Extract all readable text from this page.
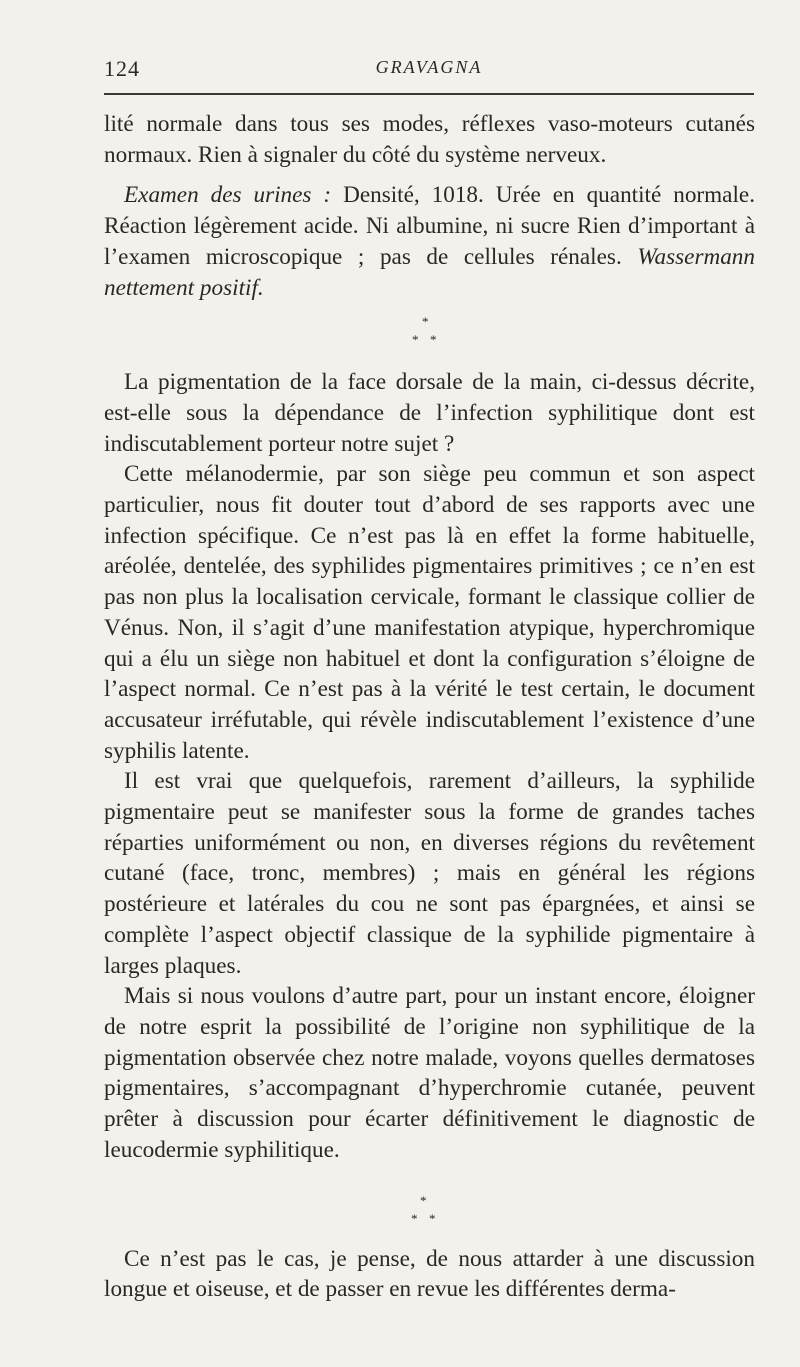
124	GRAVAGNA

lité normale dans tous ses modes, réflexes vaso-moteurs cutanés normaux. Rien à signaler du côté du système nerveux.

Examen des urines : Densité, 1018. Urée en quantité normale. Réaction légèrement acide. Ni albumine, ni sucre Rien d’important à l’examen microscopique ; pas de cellules rénales. Wassermann nettement positif.

*
* *

La pigmentation de la face dorsale de la main, ci-dessus décrite, est-elle sous la dépendance de l’infection syphilitique dont est indiscutablement porteur notre sujet ?

Cette mélanodermie, par son siège peu commun et son aspect particulier, nous fit douter tout d’abord de ses rapports avec une infection spécifique. Ce n’est pas là en effet la forme habituelle, aréolée, dentelée, des syphilides pigmentaires primitives ; ce n’en est pas non plus la localisation cervicale, formant le classique collier de Vénus. Non, il s’agit d’une manifestation atypique, hyperchromique qui a élu un siège non habituel et dont la configuration s’éloigne de l’aspect normal. Ce n’est pas à la vérité le test certain, le document accusateur irréfutable, qui révèle indiscutablement l’existence d’une syphilis latente.

Il est vrai que quelquefois, rarement d’ailleurs, la syphilide pigmentaire peut se manifester sous la forme de grandes taches réparties uniformément ou non, en diverses régions du revêtement cutané (face, tronc, membres) ; mais en général les régions postérieure et latérales du cou ne sont pas épargnées, et ainsi se complète l’aspect objectif classique de la syphilide pigmentaire à larges plaques.

Mais si nous voulons d’autre part, pour un instant encore, éloigner de notre esprit la possibilité de l’origine non syphilitique de la pigmentation observée chez notre malade, voyons quelles dermatoses pigmentaires, s’accompagnant d’hyperchromie cutanée, peuvent prêter à discussion pour écarter définitivement le diagnostic de leucodermie syphilitique.

*
* *

Ce n’est pas le cas, je pense, de nous attarder à une discussion longue et oiseuse, et de passer en revue les différentes derma-
